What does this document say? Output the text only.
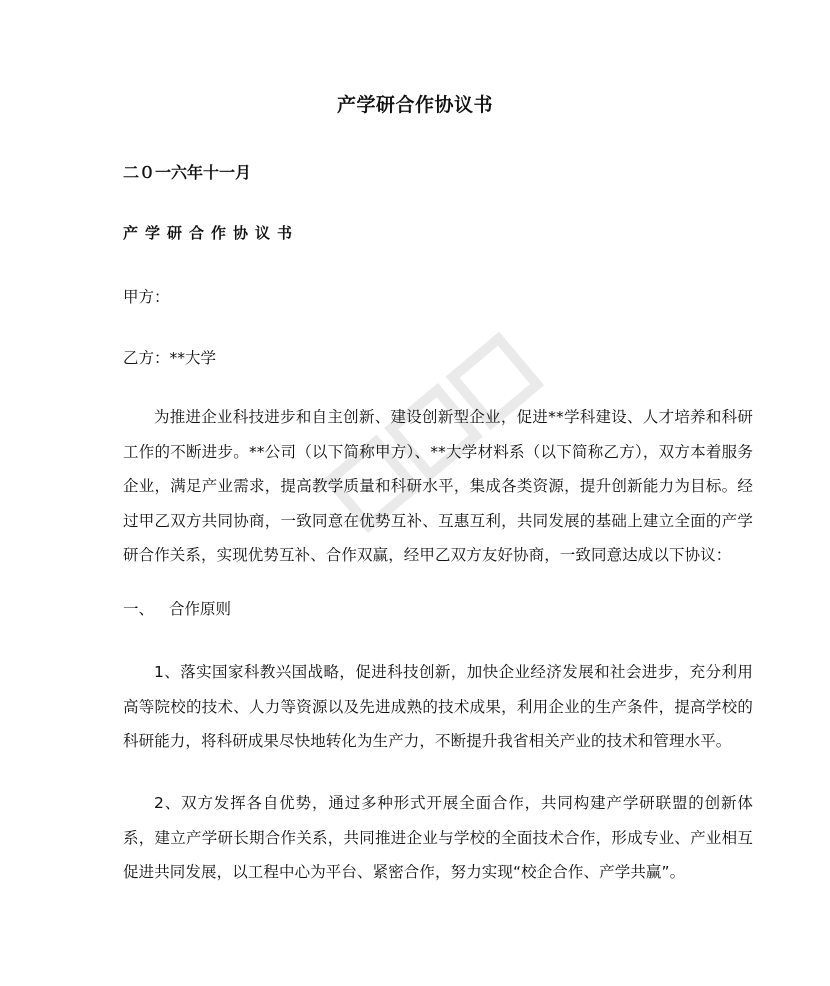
产学研合作协议书
二０一六年十一月
产学研合作协议书
甲方：
乙方：**大学

为推进企业科技进步和自主创新、建设创新型企业，促进**学科建设、人才培养和科研工作的不断进步。**公司（以下简称甲方）、**大学材料系（以下简称乙方），双方本着服务企业，满足产业需求，提高教学质量和科研水平，集成各类资源，提升创新能力为目标。经过甲乙双方共同协商，一致同意在优势互补、互惠互利，共同发展的基础上建立全面的产学研合作关系，实现优势互补、合作双赢，经甲乙双方友好协商，一致同意达成以下协议：

一、 合作原则

1、落实国家科教兴国战略，促进科技创新，加快企业经济发展和社会进步，充分利用高等院校的技术、人力等资源以及先进成熟的技术成果，利用企业的生产条件，提高学校的科研能力，将科研成果尽快地转化为生产力，不断提升我省相关产业的技术和管理水平。

2、双方发挥各自优势，通过多种形式开展全面合作，共同构建产学研联盟的创新体系，建立产学研长期合作关系，共同推进企业与学校的全面技术合作，形成专业、产业相互促进共同发展，以工程中心为平台、紧密合作，努力实现“校企合作、产学共赢”。
